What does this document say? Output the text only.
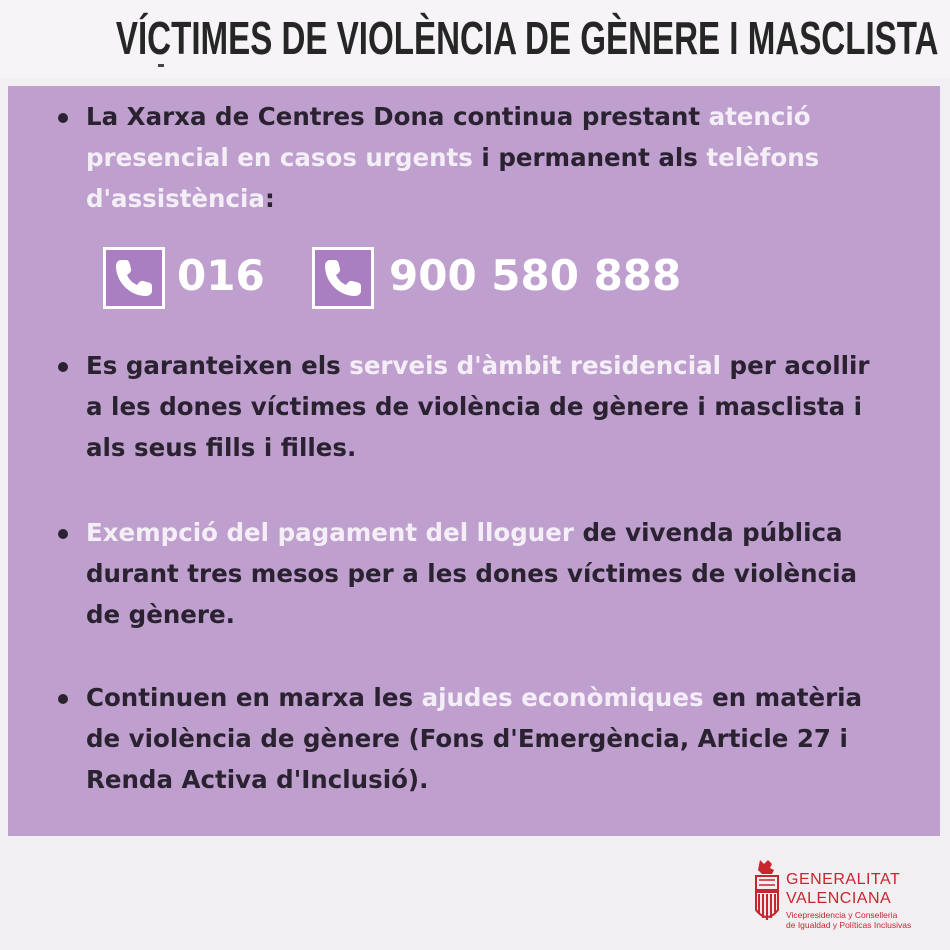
VÍCTIMES DE VIOLÈNCIA DE GÈNERE I MASCLISTA
La Xarxa de Centres Dona continua prestant atenció presencial en casos urgents i permanent als telèfons d'assistència:
016	900 580 888
Es garanteixen els serveis d'àmbit residencial per acollir a les dones víctimes de violència de gènere i masclista i als seus fills i filles.
Exempció del pagament del lloguer de vivenda pública durant tres mesos per a les dones víctimes de violència de gènere.
Continuen en marxa les ajudes econòmiques en matèria de violència de gènere (Fons d'Emergència, Article 27 i Renda Activa d'Inclusió).
GENERALITAT
VALENCIANA
Vicepresidencia y Conselleria
de Igualdad y Políticas Inclusivas
